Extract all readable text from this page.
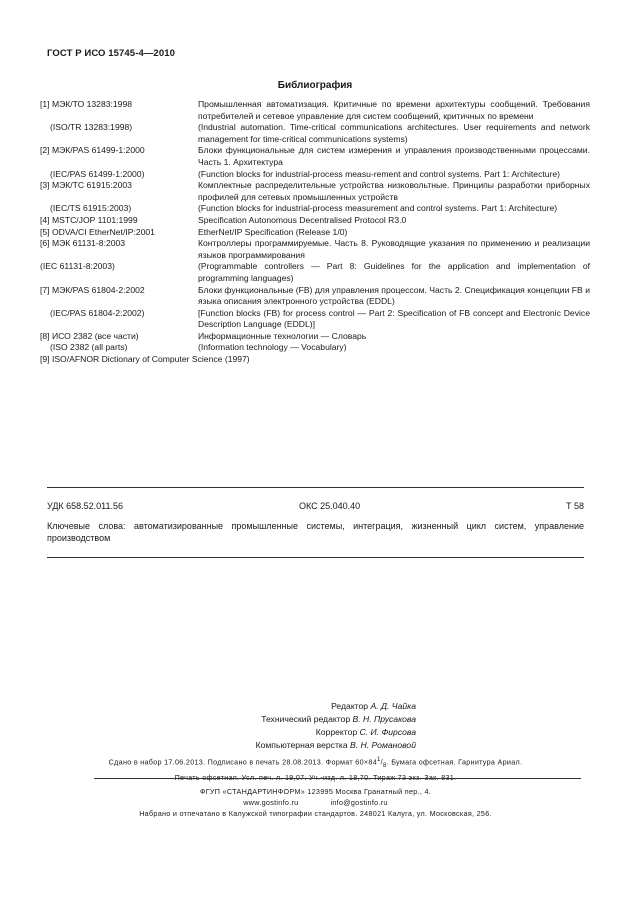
ГОСТ Р ИСО 15745-4—2010
Библиография
[1] МЭК/ТО 13283:1998	Промышленная автоматизация. Критичные по времени архитектуры сообщений. Требования потребителей и сетевое управление для систем сообщений, критичных по времени
(ISO/TR 13283:1998)	(Industrial automation. Time-critical communications architectures. User requirements and network management for time-critical communications systems)
[2] МЭК/PAS 61499-1:2000	Блоки функциональные для систем измерения и управления производственными процессами. Часть 1. Архитектура
(IEC/PAS 61499-1:2000)	(Function blocks for industrial-process measu-rement and control systems. Part 1: Architecture)
[3] МЭК/TC 61915:2003	Комплектные распределительные устройства низковольтные. Принципы разработки приборных профилей для сетевых промышленных устройств
(IEC/TS 61915:2003)	(Function blocks for industrial-process measurement and control systems. Part 1: Architecture)
[4] MSTC/JOP 1101:1999	Specification Autonomous Decentralised Protocol R3.0
[5] ODVA/CI EtherNet/IP:2001	EtherNet/IP Specification (Release 1/0)
[6] МЭК 61131-8:2003	Контроллеры программируемые. Часть 8. Руководящие указания по применению и реализации языков программирования
(IEC 61131-8:2003)	(Programmable controllers — Part 8: Guidelines for the application and implementation of programming languages)
[7] МЭК/PAS 61804-2:2002	Блоки функциональные (FB) для управления процессом. Часть 2. Спецификация концепции FB и языка описания электронного устройства (EDDL)
(IEC/PAS 61804-2:2002)	[Function blocks (FB) for process control — Part 2: Specification of FB concept and Electronic Device Description Language (EDDL)]
[8] ИСО 2382 (все части)	Информационные технологии — Словарь
(ISO 2382 (all parts)	(Information technology — Vocabulary)
[9] ISO/AFNOR Dictionary of Computer Science (1997)
УДК 658.52.011.56	ОКС 25.040.40	Т 58
Ключевые слова: автоматизированные промышленные системы, интеграция, жизненный цикл систем, управление производством
Редактор А. Д. Чайка
Технический редактор В. Н. Прусакова
Корректор С. И. Фирсова
Компьютерная верстка В. Н. Романовой
Сдано в набор 17.06.2013. Подписано в печать 28.08.2013. Формат $60\times 84^1/_8$. Бумага офсетная. Гарнитура Ариал.
Печать офсетная. Усл. печ. л. 19,07. Уч.-изд. л. 18,70. Тираж 73 экз. Зак. 831.
ФГУП «СТАНДАРТИНФОРМ» 123995 Москва Гранатный пер., 4.
www.gostinfo.ru	info@gostinfo.ru
Набрано и отпечатано в Калужской типографии стандартов. 248021 Калуга, ул. Московская, 256.
